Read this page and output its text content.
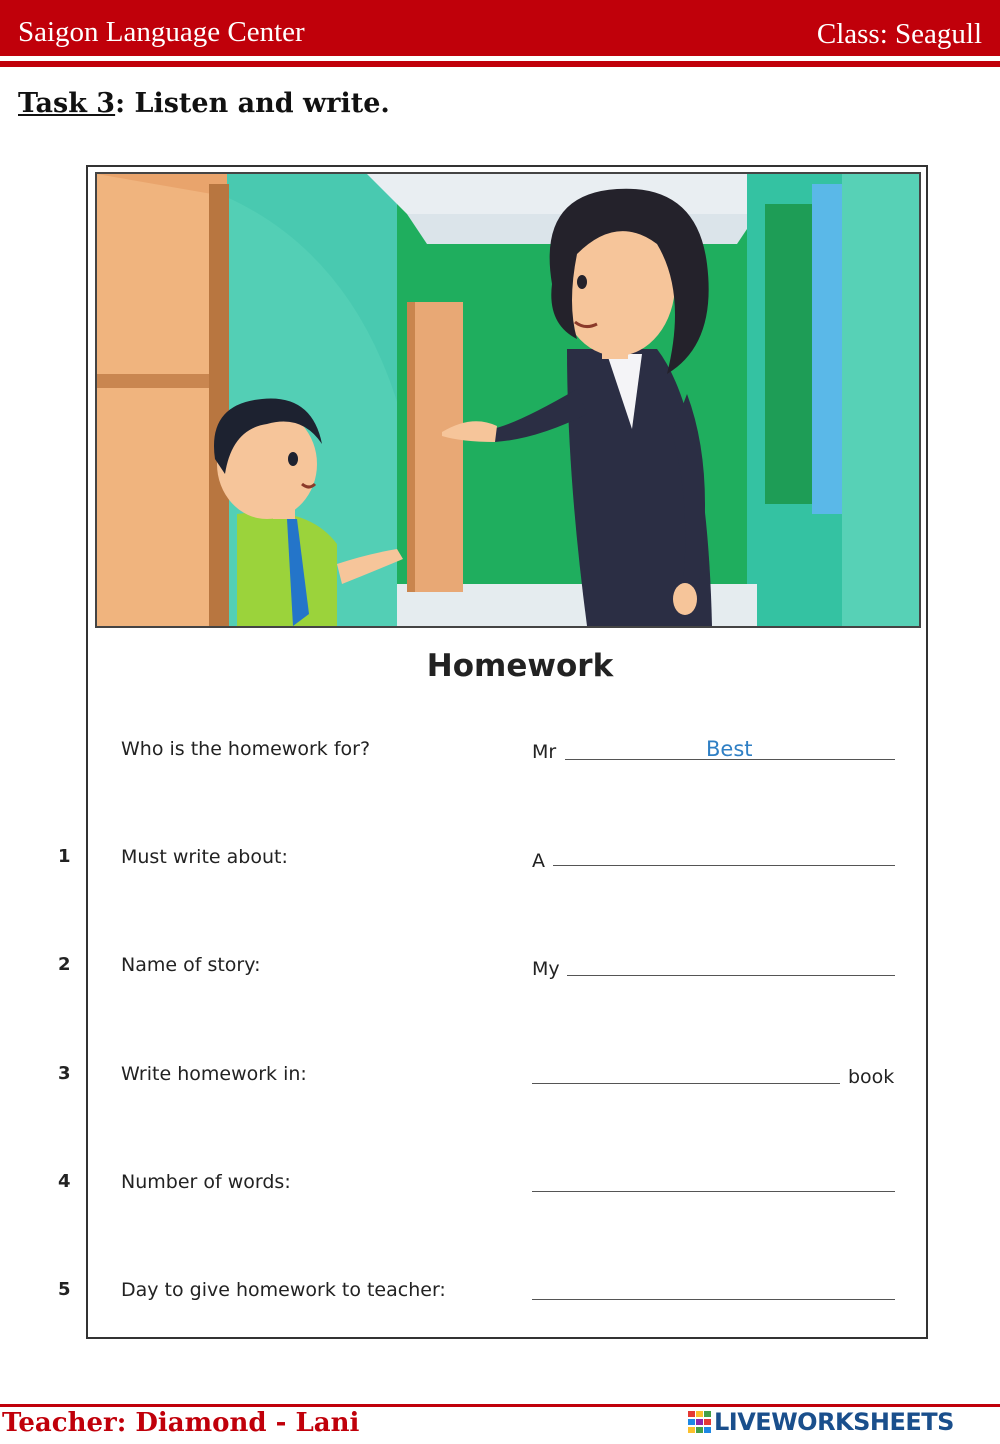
Saigon Language Center	Class: Seagull
Task 3: Listen and write.
Homework
Who is the homework for?	Mr	Best
1	Must write about:	A
2	Name of story:	My
3	Write homework in:	book
4	Number of words:
5	Day to give homework to teacher:
Teacher: Diamond - Lani	LIVEWORKSHEETS
